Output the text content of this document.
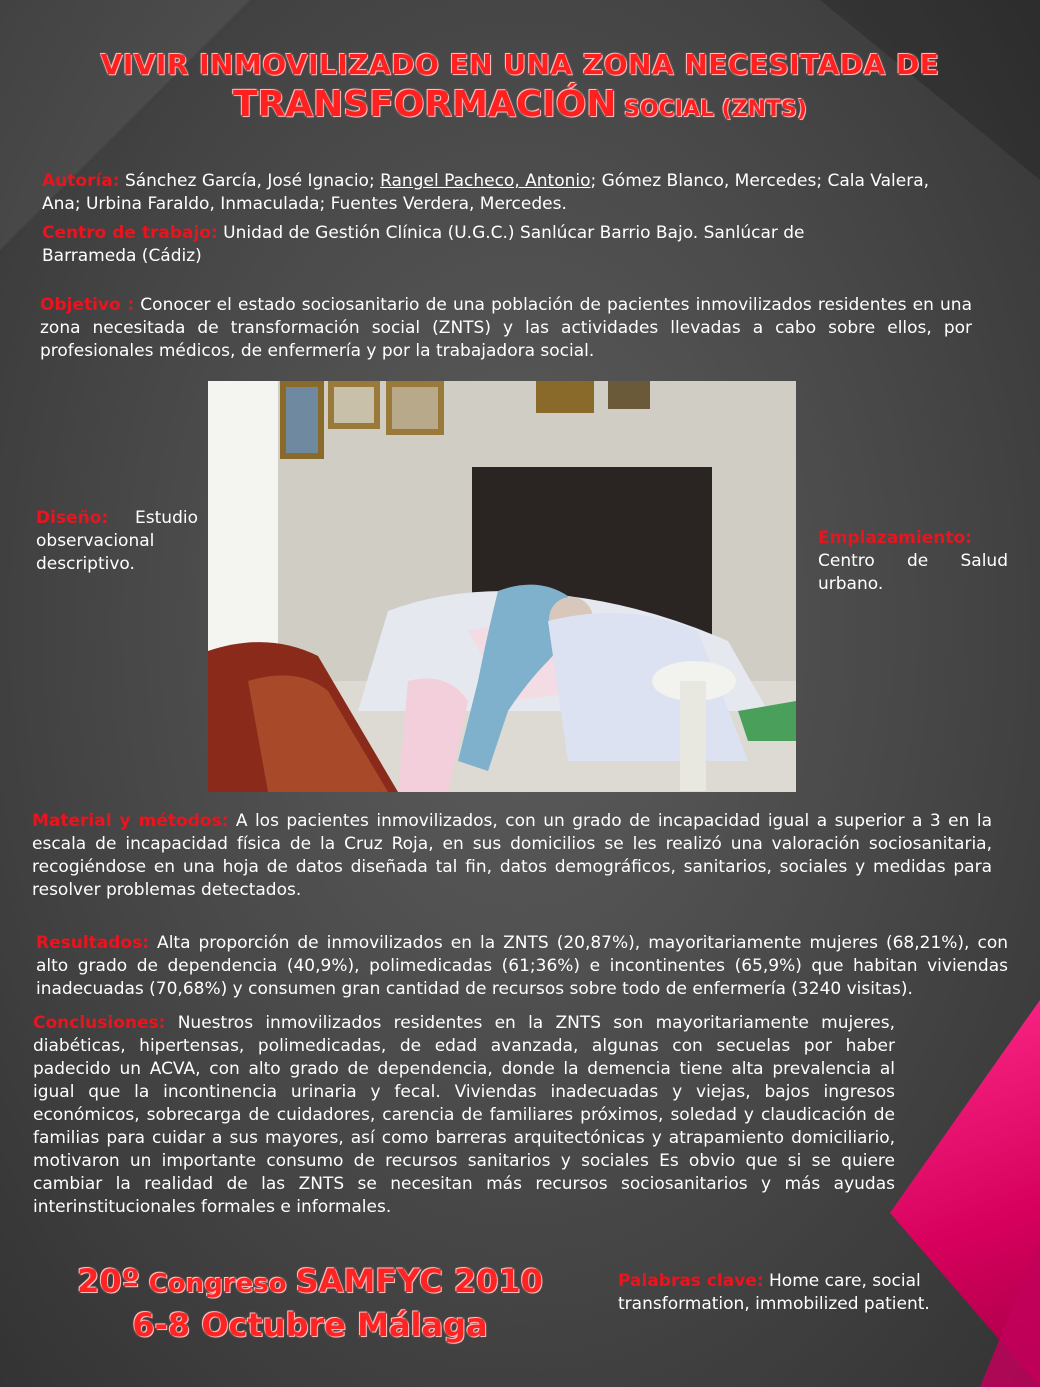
VIVIR INMOVILIZADO EN UNA ZONA NECESITADA DE
TRANSFORMACIÓN SOCIAL (ZNTS)

Autoría: Sánchez García, José Ignacio; Rangel Pacheco, Antonio; Gómez Blanco, Mercedes; Cala Valera, Ana; Urbina Faraldo, Inmaculada; Fuentes Verdera, Mercedes.

Centro de trabajo: Unidad de Gestión Clínica (U.G.C.) Sanlúcar Barrio Bajo. Sanlúcar de Barrameda (Cádiz)

Objetivo : Conocer el estado sociosanitario de una población de pacientes inmovilizados residentes en una zona necesitada de transformación social (ZNTS) y las actividades llevadas a cabo sobre ellos, por profesionales médicos, de enfermería y por la trabajadora social.

Diseño: Estudio observacional descriptivo.

Emplazamiento:
Centro de Salud urbano.

Material y métodos: A los pacientes inmovilizados, con un grado de incapacidad igual a superior a 3 en la escala de incapacidad física de la Cruz Roja, en sus domicilios se les realizó una valoración sociosanitaria, recogiéndose en una hoja de datos diseñada tal fin, datos demográficos, sanitarios, sociales y medidas para resolver problemas detectados.

Resultados: Alta proporción de inmovilizados en la ZNTS (20,87%), mayoritariamente mujeres (68,21%), con alto grado de dependencia (40,9%), polimedicadas (61;36%) e incontinentes (65,9%) que habitan viviendas inadecuadas (70,68%) y consumen gran cantidad de recursos sobre todo de enfermería (3240 visitas).

Conclusiones: Nuestros inmovilizados residentes en la ZNTS son mayoritariamente mujeres, diabéticas, hipertensas, polimedicadas, de edad avanzada, algunas con secuelas por haber padecido un ACVA, con alto grado de dependencia, donde la demencia tiene alta prevalencia al igual que la incontinencia urinaria y fecal. Viviendas inadecuadas y viejas, bajos ingresos económicos, sobrecarga de cuidadores, carencia de familiares próximos, soledad y claudicación de familias para cuidar a sus mayores, así como barreras arquitectónicas y atrapamiento domiciliario, motivaron un importante consumo de recursos sanitarios y sociales Es obvio que si se quiere cambiar la realidad de las ZNTS se necesitan más recursos sociosanitarios y más ayudas interinstitucionales formales e informales.

20º Congreso SAMFYC 2010

6-8 Octubre Málaga

Palabras clave: Home care, social transformation, immobilized patient.
